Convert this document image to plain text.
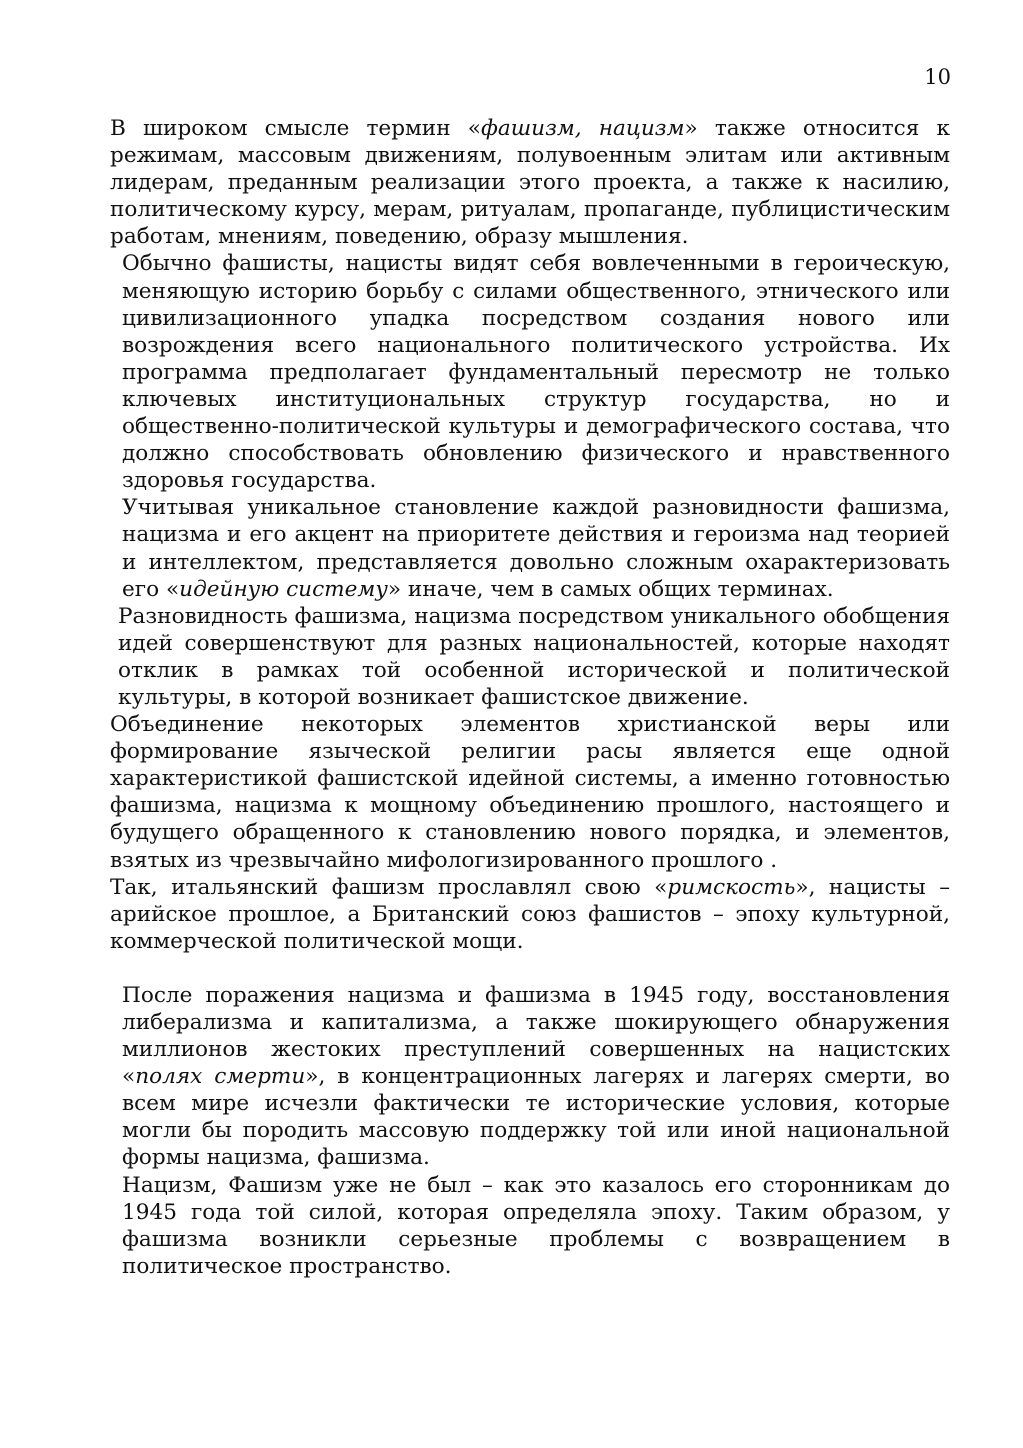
10

В широком смысле термин «фашизм, нацизм» также относится к режимам, массовым движениям, полувоенным элитам или активным лидерам, преданным реализации этого проекта, а также к насилию, политическому курсу, мерам, ритуалам, пропаганде, публицистическим работам, мнениям, поведению, образу мышления.

Обычно фашисты, нацисты видят себя вовлеченными в героическую, меняющую историю борьбу с силами общественного, этнического или цивилизационного упадка посредством создания нового или возрождения всего национального политического устройства. Их программа предполагает фундаментальный пересмотр не только ключевых институциональных структур государства, но и общественно-политической культуры и демографического состава, что должно способствовать обновлению физического и нравственного здоровья государства.

Учитывая уникальное становление каждой разновидности фашизма, нацизма и его акцент на приоритете действия и героизма над теорией и интеллектом, представляется довольно сложным охарактеризовать его «идейную систему» иначе, чем в самых общих терминах.

Разновидность фашизма, нацизма посредством уникального обобщения идей совершенствуют для разных национальностей, которые находят отклик в рамках той особенной исторической и политической культуры, в которой возникает фашистское движение.

Объединение некоторых элементов христианской веры или формирование языческой религии расы является еще одной характеристикой фашистской идейной системы, а именно готовностью фашизма, нацизма к мощному объединению прошлого, настоящего и будущего обращенного к становлению нового порядка, и элементов, взятых из чрезвычайно мифологизированного прошлого .

Так, итальянский фашизм прославлял свою «римскость», нацисты – арийское прошлое, а Британский союз фашистов – эпоху культурной, коммерческой политической мощи.

После поражения нацизма и фашизма в 1945 году, восстановления либерализма и капитализма, а также шокирующего обнаружения миллионов жестоких преступлений совершенных на нацистских «полях смерти», в концентрационных лагерях и лагерях смерти, во всем мире исчезли фактически те исторические условия, которые могли бы породить массовую поддержку той или иной национальной формы нацизма, фашизма.

Нацизм, Фашизм уже не был – как это казалось его сторонникам до 1945 года той силой, которая определяла эпоху. Таким образом, у фашизма возникли серьезные проблемы с возвращением в политическое пространство.
